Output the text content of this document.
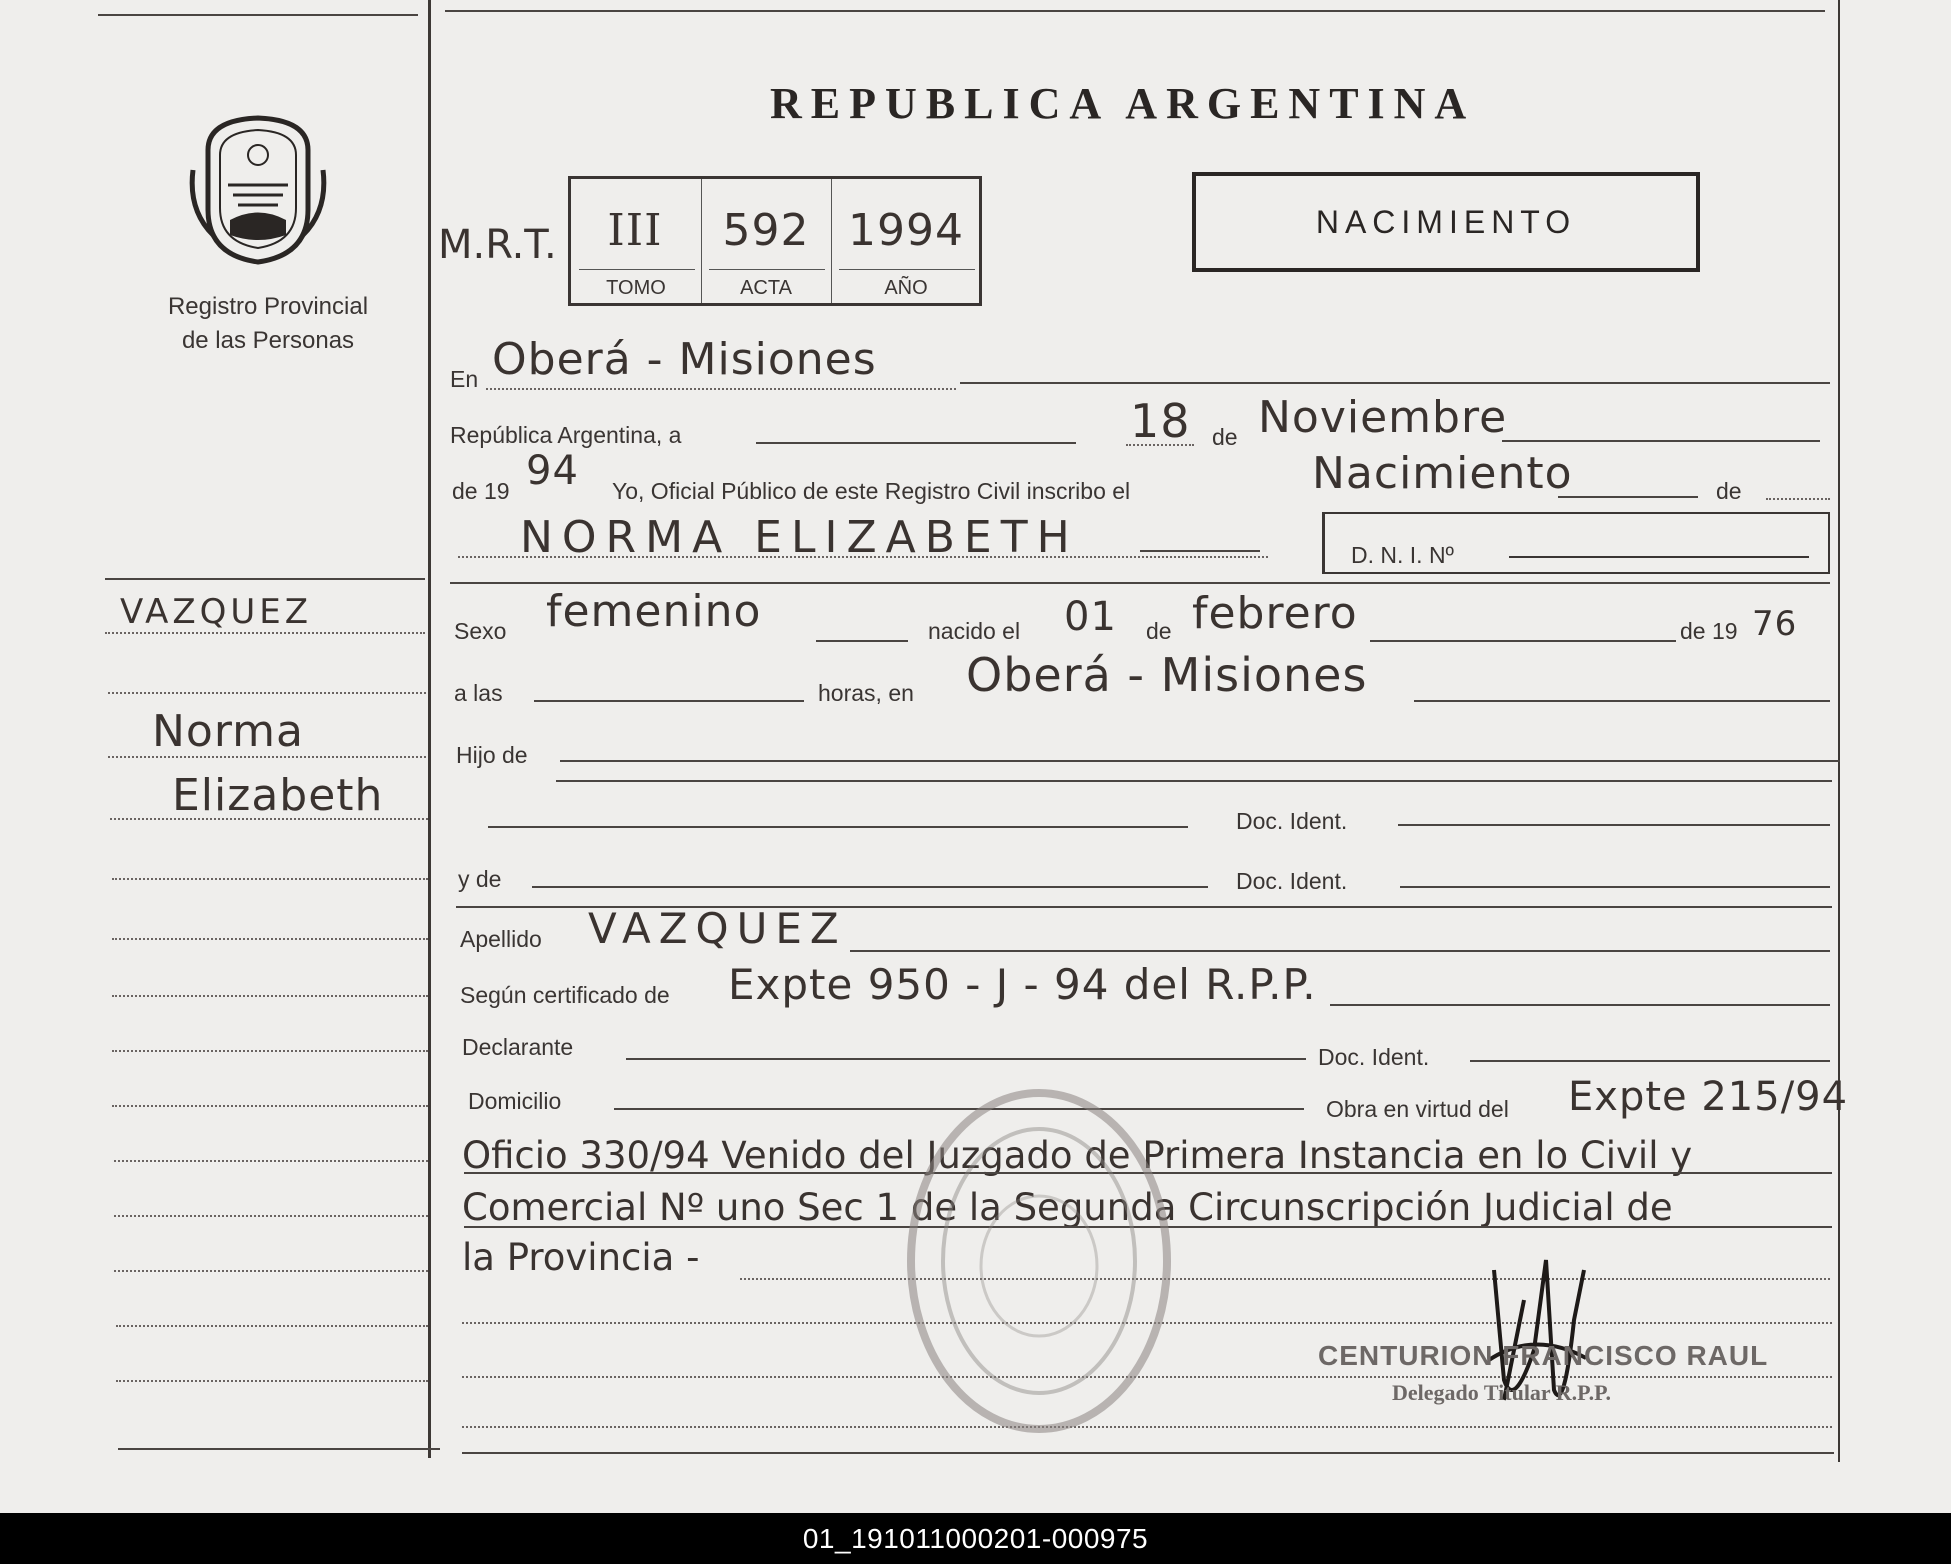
Registro Provincial
de las Personas
VAZQUEZ
Norma
Elizabeth
REPUBLICA ARGENTINA
M.R.T.	III	592 1994
TOMO	ACTA	AÑO
NACIMIENTO
En Oberá - Misiones
República Argentina, a	18 de Noviembre
de 19 94 Yo, Oficial Público de este Registro Civil inscribo el	Nacimiento	de
NORMA ELIZABETH	D. N. I. Nº
Sexo femenino	nacido el 01 de febrero	de 19 76
a las	horas, en Oberá - Misiones
Hijo de
Doc. Ident.
y de	Doc. Ident.
Apellido VAZQUEZ
Según certificado de Expte 950 - J - 94 del R.P.P.
Declarante	Doc. Ident.
Domicilio	Obra en virtud del Expte 215/94
Oficio 330/94 Venido del Juzgado de Primera Instancia en lo Civil y
Comercial Nº uno Sec 1 de la Segunda Circunscripción Judicial de
la Provincia -
CENTURION FRANCISCO RAUL
Delegado Titular R.P.P.
01_191011000201-000975
